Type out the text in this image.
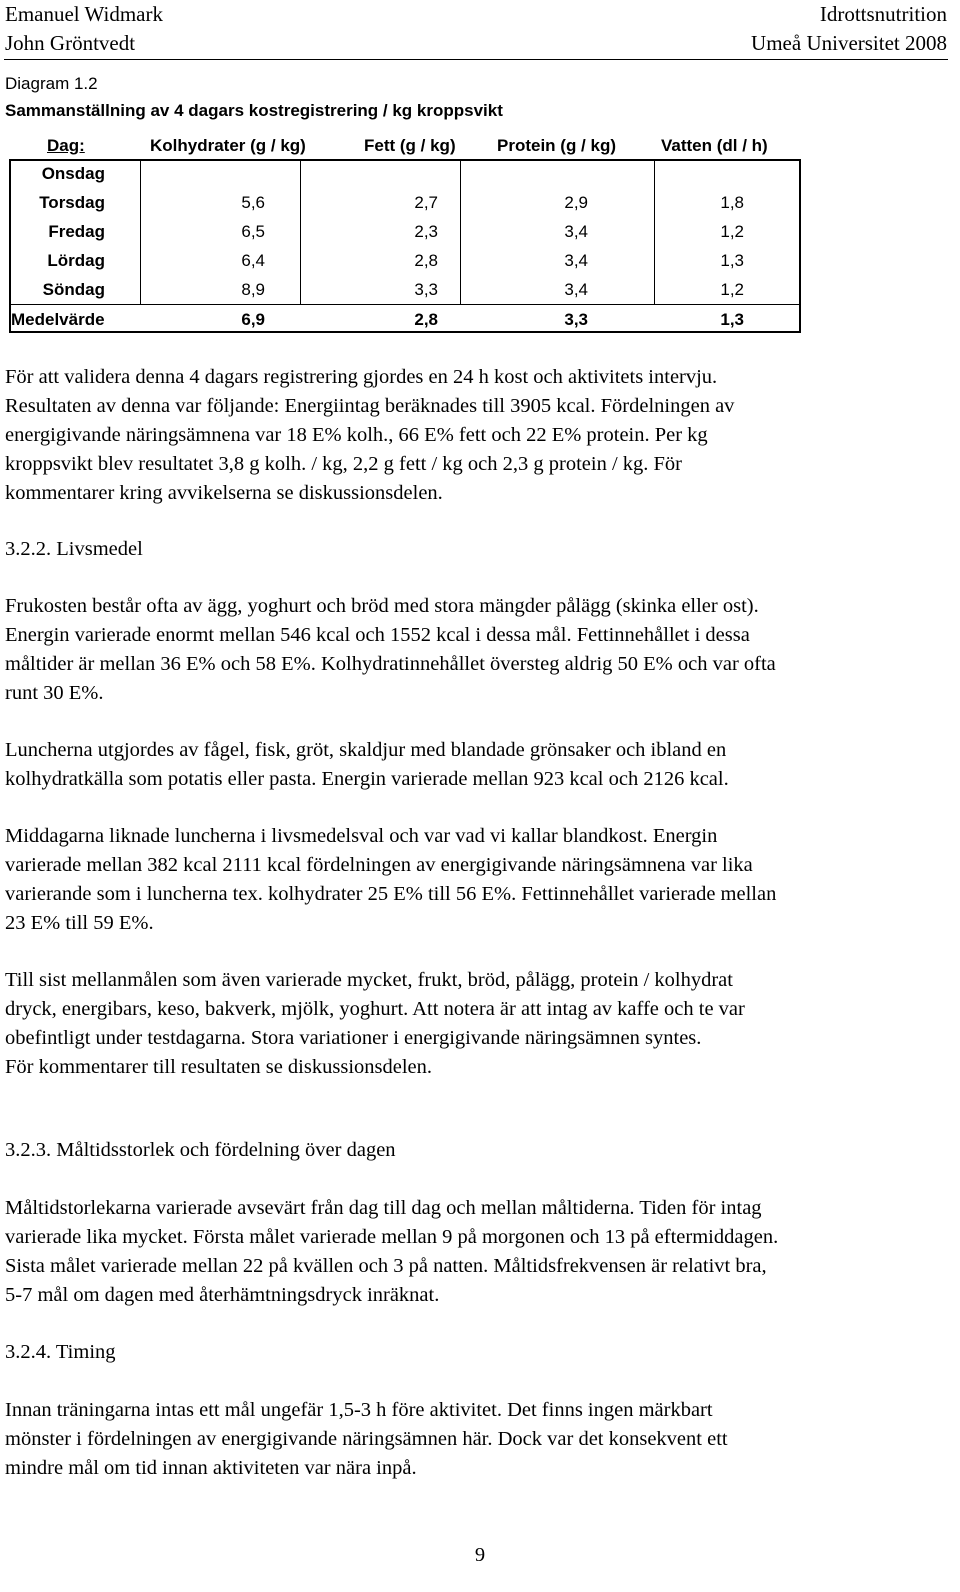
Emanuel Widmark
John Gröntvedt
Idrottsnutrition
Umeå Universitet 2008
Diagram 1.2
Sammanställning av 4 dagars kostregistrering / kg kroppsvikt
Dag:	Kolhydrater (g / kg)	Fett (g / kg) Protein (g / kg)	Vatten (dl / h)
Onsdag
Torsdag	5,6	2,7	2,9	1,8
Fredag	6,5	2,3	3,4	1,2
Lördag	6,4	2,8	3,4	1,3
Söndag	8,9	3,3	3,4	1,2
Medelvärde	6,9	2,8	3,3	1,3
För att validera denna 4 dagars registrering gjordes en 24 h kost och aktivitets intervju.
Resultaten av denna var följande: Energiintag beräknades till 3905 kcal. Fördelningen av
energigivande näringsämnena var 18 E% kolh., 66 E% fett och 22 E% protein. Per kg
kroppsvikt blev resultatet 3,8 g kolh. / kg, 2,2 g fett / kg och 2,3 g protein / kg. För
kommentarer kring avvikelserna se diskussionsdelen.
3.2.2. Livsmedel
Frukosten består ofta av ägg, yoghurt och bröd med stora mängder pålägg (skinka eller ost).
Energin varierade enormt mellan 546 kcal och 1552 kcal i dessa mål. Fettinnehållet i dessa
måltider är mellan 36 E% och 58 E%. Kolhydratinnehållet översteg aldrig 50 E% och var ofta
runt 30 E%.
Luncherna utgjordes av fågel, fisk, gröt, skaldjur med blandade grönsaker och ibland en
kolhydratkälla som potatis eller pasta. Energin varierade mellan 923 kcal och 2126 kcal.
Middagarna liknade luncherna i livsmedelsval och var vad vi kallar blandkost. Energin
varierade mellan 382 kcal 2111 kcal fördelningen av energigivande näringsämnena var lika
varierande som i luncherna tex. kolhydrater 25 E% till 56 E%. Fettinnehållet varierade mellan
23 E% till 59 E%.
Till sist mellanmålen som även varierade mycket, frukt, bröd, pålägg, protein / kolhydrat
dryck, energibars, keso, bakverk, mjölk, yoghurt. Att notera är att intag av kaffe och te var
obefintligt under testdagarna. Stora variationer i energigivande näringsämnen syntes.
För kommentarer till resultaten se diskussionsdelen.
3.2.3. Måltidsstorlek och fördelning över dagen
Måltidstorlekarna varierade avsevärt från dag till dag och mellan måltiderna. Tiden för intag
varierade lika mycket. Första målet varierade mellan 9 på morgonen och 13 på eftermiddagen.
Sista målet varierade mellan 22 på kvällen och 3 på natten. Måltidsfrekvensen är relativt bra,
5-7 mål om dagen med återhämtningsdryck inräknat.
3.2.4. Timing
Innan träningarna intas ett mål ungefär 1,5-3 h före aktivitet. Det finns ingen märkbart
mönster i fördelningen av energigivande näringsämnen här. Dock var det konsekvent ett
mindre mål om tid innan aktiviteten var nära inpå.
9
